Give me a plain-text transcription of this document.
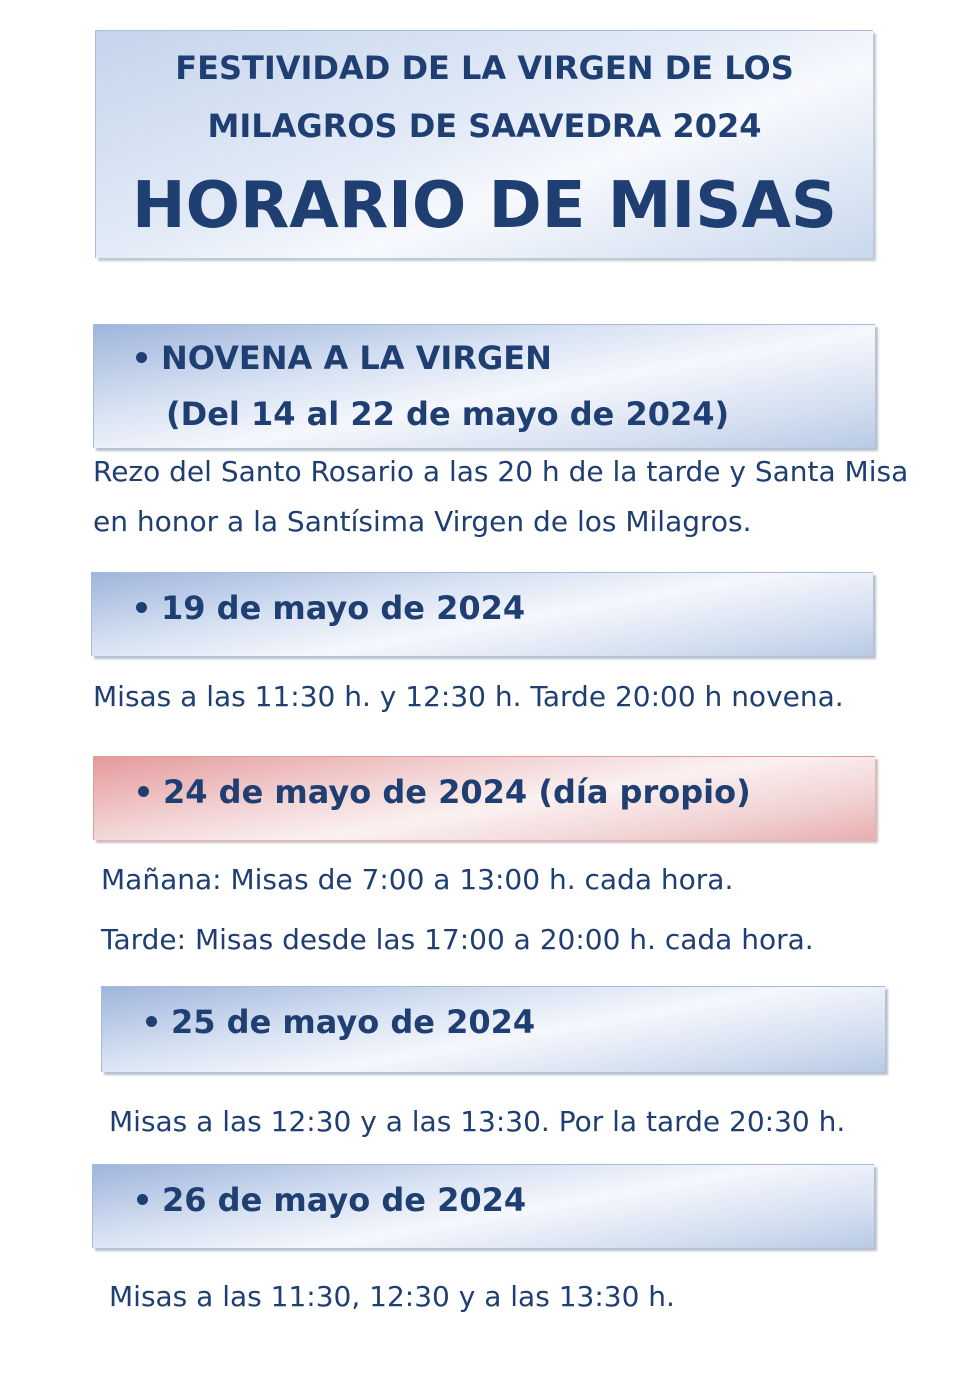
FESTIVIDAD DE LA VIRGEN DE LOS
MILAGROS DE SAAVEDRA 2024
HORARIO DE MISAS
NOVENA A LA VIRGEN
(Del 14 al 22 de mayo de 2024)
Rezo del Santo Rosario a las 20 h de la tarde y Santa Misa
en honor a la Santísima Virgen de los Milagros.
19 de mayo de 2024
Misas a las 11:30 h. y 12:30 h. Tarde 20:00 h novena.
24 de mayo de 2024 (día propio)
Mañana: Misas de 7:00 a 13:00 h. cada hora.
Tarde: Misas desde las 17:00 a 20:00 h. cada hora.
25 de mayo de 2024
Misas a las 12:30 y a las 13:30. Por la tarde 20:30 h.
26 de mayo de 2024
Misas a las 11:30, 12:30 y a las 13:30 h.
